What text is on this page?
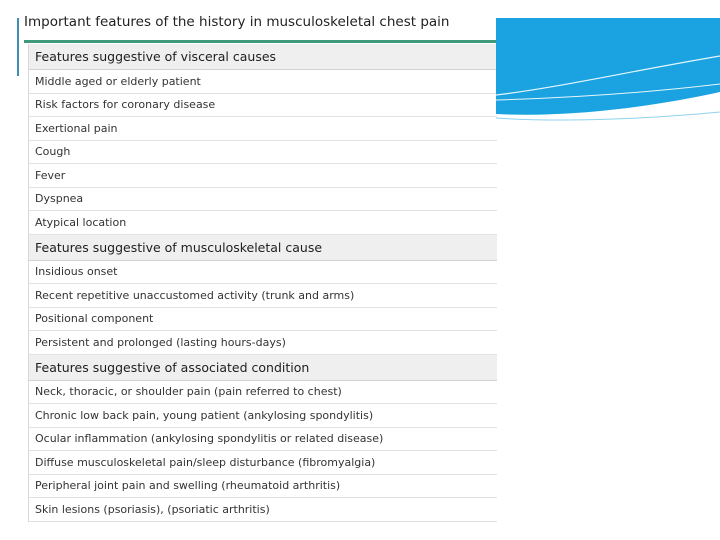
Important features of the history in musculoskeletal chest pain
Features suggestive of visceral causes
Middle aged or elderly patient
Risk factors for coronary disease
Exertional pain
Cough
Fever
Dyspnea
Atypical location
Features suggestive of musculoskeletal cause
Insidious onset
Recent repetitive unaccustomed activity (trunk and arms)
Positional component
Persistent and prolonged (lasting hours-days)
Features suggestive of associated condition
Neck, thoracic, or shoulder pain (pain referred to chest)
Chronic low back pain, young patient (ankylosing spondylitis)
Ocular inflammation (ankylosing spondylitis or related disease)
Diffuse musculoskeletal pain/sleep disturbance (fibromyalgia)
Peripheral joint pain and swelling (rheumatoid arthritis)
Skin lesions (psoriasis), (psoriatic arthritis)
